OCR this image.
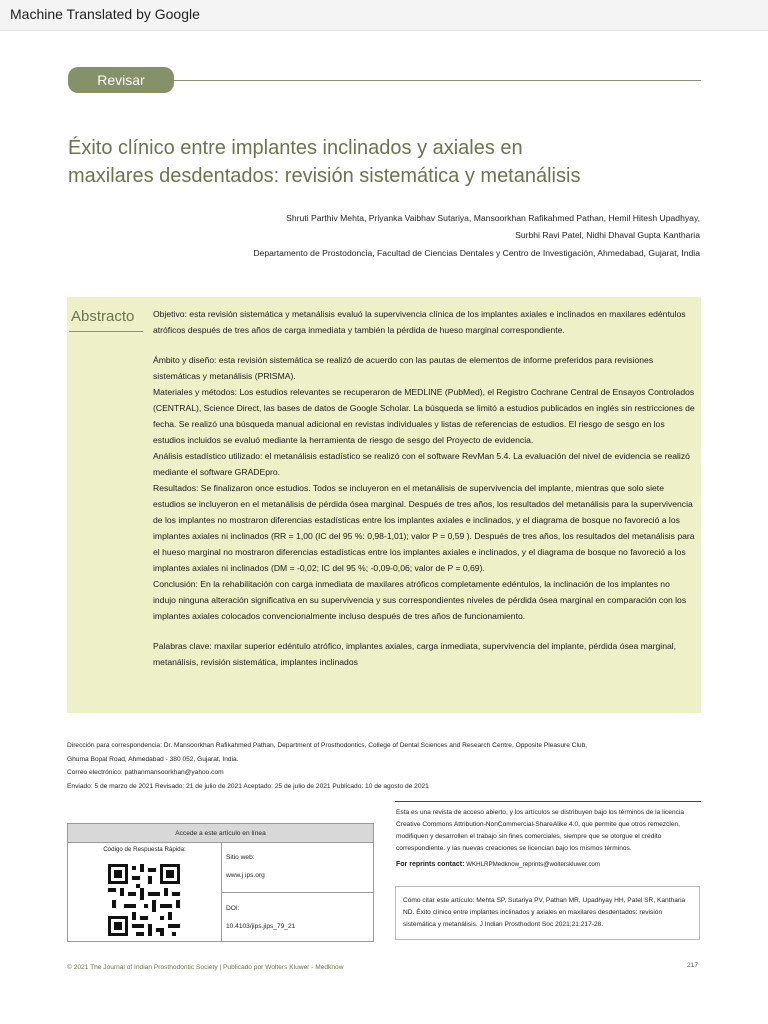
Machine Translated by Google
Revisar
Éxito clínico entre implantes inclinados y axiales en
maxilares desdentados: revisión sistemática y metanálisis
Shruti Parthiv Mehta, Priyanka Vaibhav Sutariya, Mansoorkhan Rafikahmed Pathan, Hemil Hitesh Upadhyay,
Surbhi Ravi Patel, Nidhi Dhaval Gupta Kantharia
Departamento de Prostodoncia, Facultad de Ciencias Dentales y Centro de Investigación, Ahmedabad, Gujarat, India
Abstracto Objetivo: esta revisión sistemática y metanálisis evaluó la supervivencia clínica de los implantes axiales e inclinados en maxilares edéntulos atróficos después de tres años de carga inmediata y también la pérdida de hueso marginal correspondiente.

Ámbito y diseño: esta revisión sistemática se realizó de acuerdo con las pautas de elementos de informe preferidos para revisiones sistemáticas y metanálisis (PRISMA).

Materiales y métodos: Los estudios relevantes se recuperaron de MEDLINE (PubMed), el Registro Cochrane Central de Ensayos Controlados (CENTRAL), Science Direct, las bases de datos de Google Scholar. La búsqueda se limitó a estudios publicados en inglés sin restricciones de fecha. Se realizó una búsqueda manual adicional en revistas individuales y listas de referencias de estudios. El riesgo de sesgo en los estudios incluidos se evaluó mediante la herramienta de riesgo de sesgo del Proyecto de evidencia.

Análisis estadístico utilizado: el metanálisis estadístico se realizó con el software RevMan 5.4. La evaluación del nivel de evidencia se realizó mediante el software GRADEpro.

Resultados: Se finalizaron once estudios. Todos se incluyeron en el metanálisis de supervivencia del implante, mientras que solo siete estudios se incluyeron en el metanálisis de pérdida ósea marginal. Después de tres años, los resultados del metanálisis para la supervivencia de los implantes no mostraron diferencias estadísticas entre los implantes axiales e inclinados, y el diagrama de bosque no favoreció a los implantes axiales ni inclinados (RR = 1,00 (IC del 95 %: 0,98-1,01); valor P = 0,59 ). Después de tres años, los resultados del metanálisis para el hueso marginal no mostraron diferencias estadísticas entre los implantes axiales e inclinados, y el diagrama de bosque no favoreció a los implantes axiales ni inclinados (DM = -0,02; IC del 95 %; -0,09-0,06; valor de P = 0,69).

Conclusión: En la rehabilitación con carga inmediata de maxilares atróficos completamente edéntulos, la inclinación de los implantes no indujo ninguna alteración significativa en su supervivencia y sus correspondientes niveles de pérdida ósea marginal en comparación con los implantes axiales colocados convencionalmente incluso después de tres años de funcionamiento.

Palabras clave: maxilar superior edéntulo atrófico, implantes axiales, carga inmediata, supervivencia del implante, pérdida ósea marginal, metanálisis, revisión sistemática, implantes inclinados

Dirección para correspondencia: Dr. Mansoorkhan Rafikahmed Pathan, Department of Prosthodontics, College of Dental Sciences and Research Centre, Opposite Pleasure Club,
Ghuma Bopal Road, Ahmedabad - 380 052, Gujarat, India.
Correo electrónico: pathanmansoorkhan@yahoo.com
Enviado: 5 de marzo de 2021 Revisado: 21 de julio de 2021 Aceptado: 25 de julio de 2021 Publicado: 10 de agosto de 2021
Esta es una revista de acceso abierto, y los artículos se distribuyen bajo los términos de la licencia Creative Commons Attribution-NonCommercial-ShareAlike 4.0, que permite que otros remezclen, modifiquen y desarrollen el trabajo sin fines comerciales, siempre que se otorgue el crédito correspondiente. y las nuevas creaciones se licencian bajo los mismos términos.
For reprints contact: WKHLRPMedknow_reprints@wolterskluwer.com
Cómo citar este artículo: Mehta SP, Sutariya PV, Pathan MR, Upadhyay HH, Patel SR, Kantharia ND. Éxito clínico entre implantes inclinados y axiales en maxilares desdentados: revisión sistemática y metanálisis. J Indian Prosthodont Soc 2021;21:217-28.
Accede a este artículo en línea
Código de Respuesta Rápida:
Sitio web:
www.j ips.org
DOI:
10.4103/jips.jips_79_21
© 2021 The Journal of Indian Prosthodontic Society | Publicado por Wolters Kluwer - Medknow	217
